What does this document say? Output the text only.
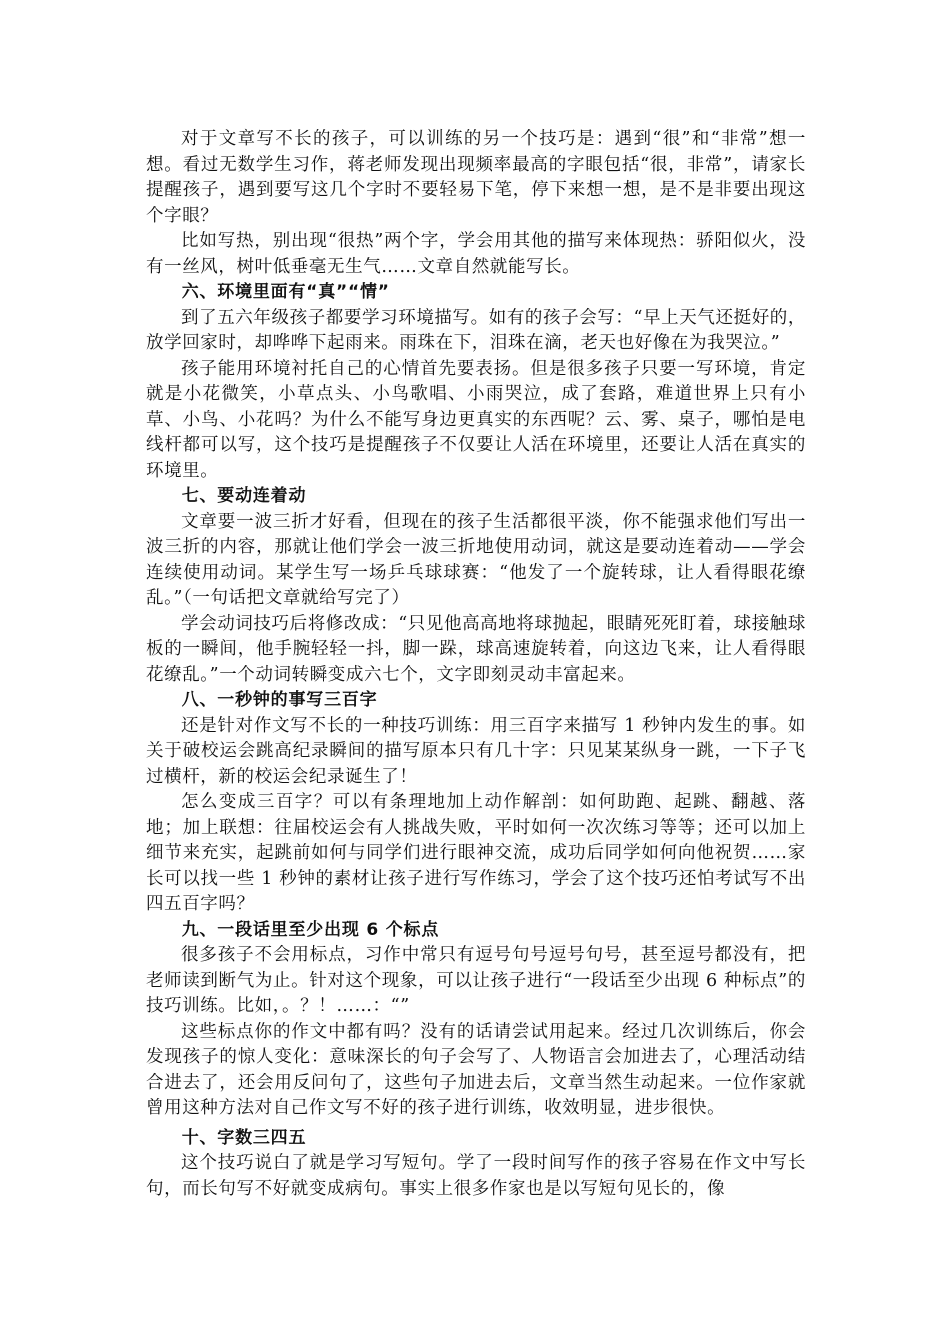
对于文章写不长的孩子，可以训练的另一个技巧是：遇到“很”和“非常”想一想。看过无数学生习作，蒋老师发现出现频率最高的字眼包括“很，非常”，请家长提醒孩子，遇到要写这几个字时不要轻易下笔，停下来想一想，是不是非要出现这个字眼？

比如写热，别出现“很热”两个字，学会用其他的描写来体现热：骄阳似火，没有一丝风，树叶低垂毫无生气……文章自然就能写长。

六、环境里面有“真”“情”

到了五六年级孩子都要学习环境描写。如有的孩子会写：“早上天气还挺好的，放学回家时，却哗哗下起雨来。雨珠在下，泪珠在滴，老天也好像在为我哭泣。”

孩子能用环境衬托自己的心情首先要表扬。但是很多孩子只要一写环境，肯定就是小花微笑，小草点头、小鸟歌唱、小雨哭泣，成了套路，难道世界上只有小草、小鸟、小花吗？为什么不能写身边更真实的东西呢？云、雾、桌子，哪怕是电线杆都可以写，这个技巧是提醒孩子不仅要让人活在环境里，还要让人活在真实的环境里。

七、要动连着动

文章要一波三折才好看，但现在的孩子生活都很平淡，你不能强求他们写出一波三折的内容，那就让他们学会一波三折地使用动词，就这是要动连着动——学会连续使用动词。某学生写一场乒乓球球赛：“他发了一个旋转球，让人看得眼花缭乱。”（一句话把文章就给写完了）

学会动词技巧后将修改成：“只见他高高地将球抛起，眼睛死死盯着，球接触球板的一瞬间，他手腕轻轻一抖，脚一跺，球高速旋转着，向这边飞来，让人看得眼花缭乱。”一个动词转瞬变成六七个，文字即刻灵动丰富起来。

八、一秒钟的事写三百字

还是针对作文写不长的一种技巧训练：用三百字来描写 1 秒钟内发生的事。如关于破校运会跳高纪录瞬间的描写原本只有几十字：只见某某纵身一跳，一下子飞过横杆，新的校运会纪录诞生了！

怎么变成三百字？可以有条理地加上动作解剖：如何助跑、起跳、翻越、落地；加上联想：往届校运会有人挑战失败，平时如何一次次练习等等；还可以加上细节来充实，起跳前如何与同学们进行眼神交流，成功后同学如何向他祝贺……家长可以找一些 1 秒钟的素材让孩子进行写作练习，学会了这个技巧还怕考试写不出四五百字吗？

九、一段话里至少出现 6 个标点

很多孩子不会用标点，习作中常只有逗号句号逗号句号，甚至逗号都没有，把老师读到断气为止。针对这个现象，可以让孩子进行“一段话至少出现 6 种标点”的技巧训练。比如，。？！……：“”

这些标点你的作文中都有吗？没有的话请尝试用起来。经过几次训练后，你会发现孩子的惊人变化：意味深长的句子会写了、人物语言会加进去了，心理活动结合进去了，还会用反问句了，这些句子加进去后，文章当然生动起来。一位作家就曾用这种方法对自己作文写不好的孩子进行训练，收效明显，进步很快。

十、字数三四五

这个技巧说白了就是学习写短句。学了一段时间写作的孩子容易在作文中写长句，而长句写不好就变成病句。事实上很多作家也是以写短句见长的，像
